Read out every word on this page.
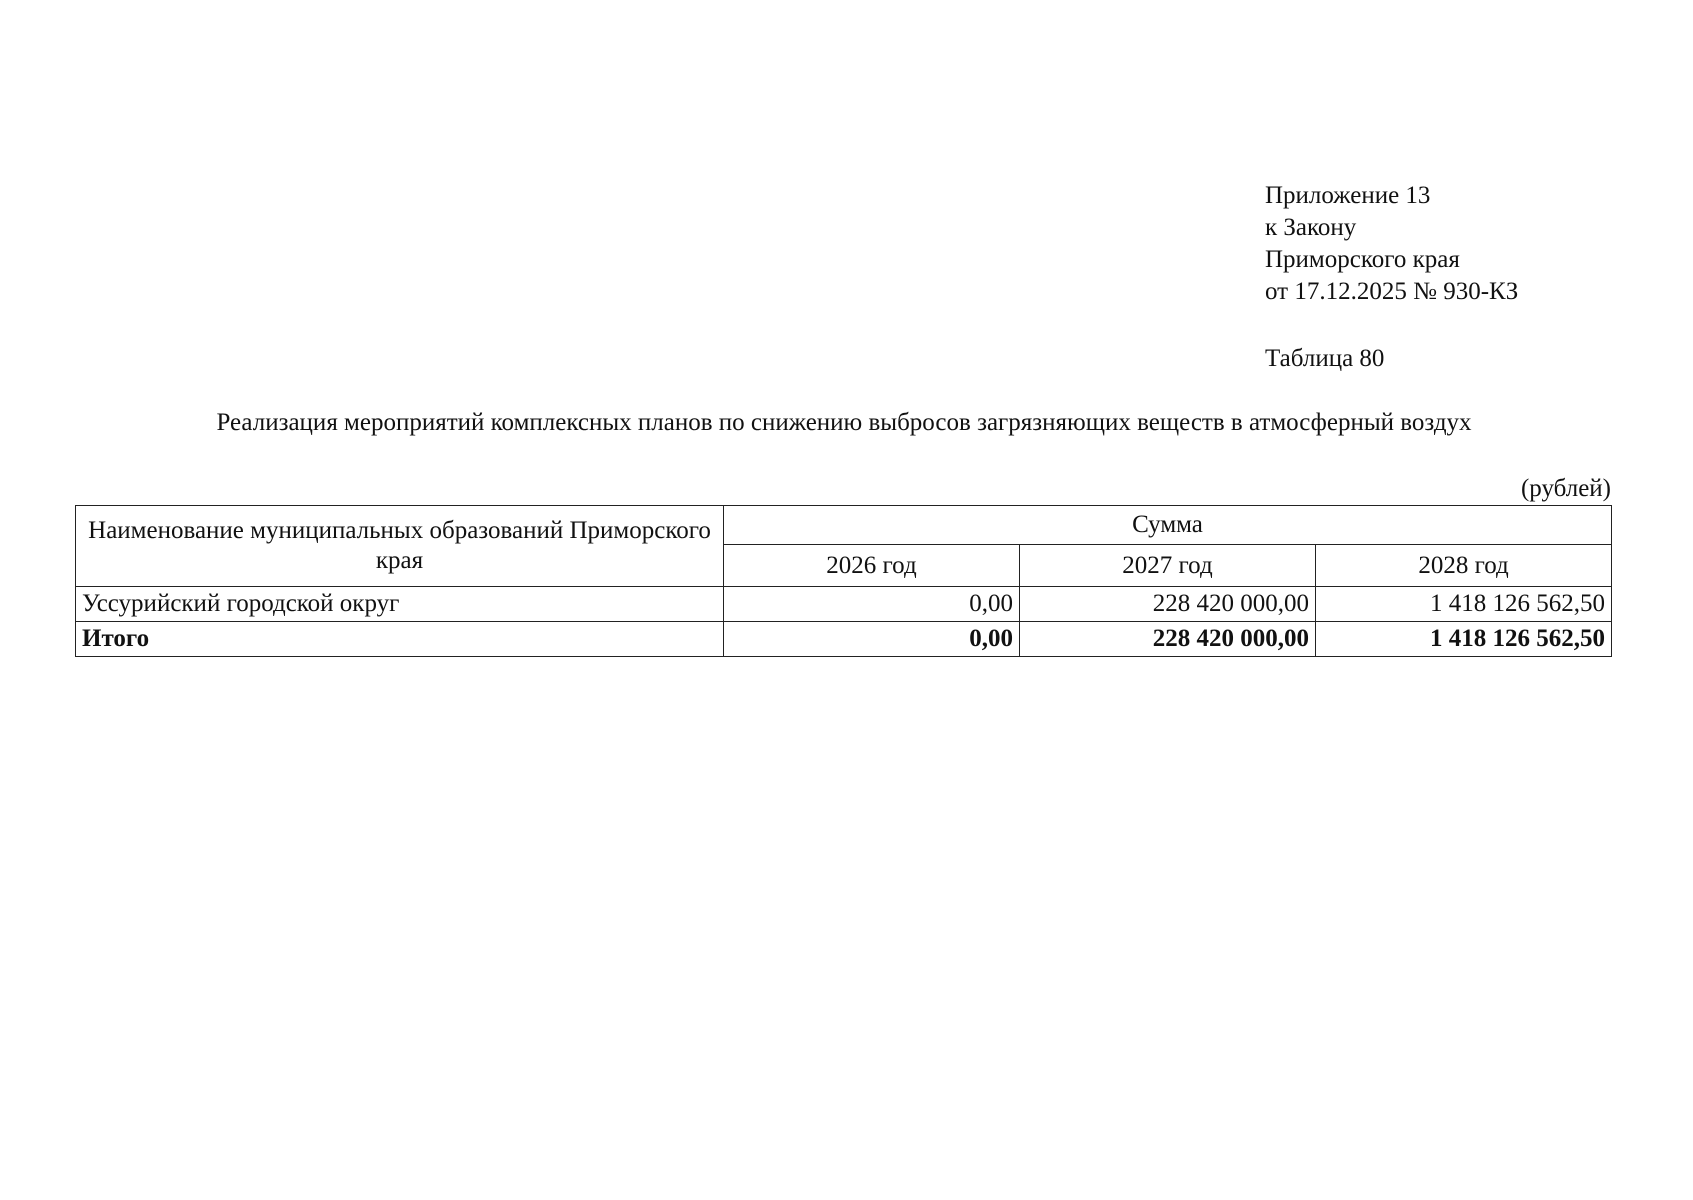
Приложение 13
к Закону
Приморского края
от 17.12.2025 № 930-КЗ
Таблица 80
Реализация мероприятий комплексных планов по снижению выбросов загрязняющих веществ в атмосферный воздух
(рублей)
Наименование муниципальных образований Приморского края	Сумма		
	2026 год	2027 год	2028 год
Уссурийский городской округ	0,00	228 420 000,00	1 418 126 562,50
Итого	0,00	228 420 000,00	1 418 126 562,50
